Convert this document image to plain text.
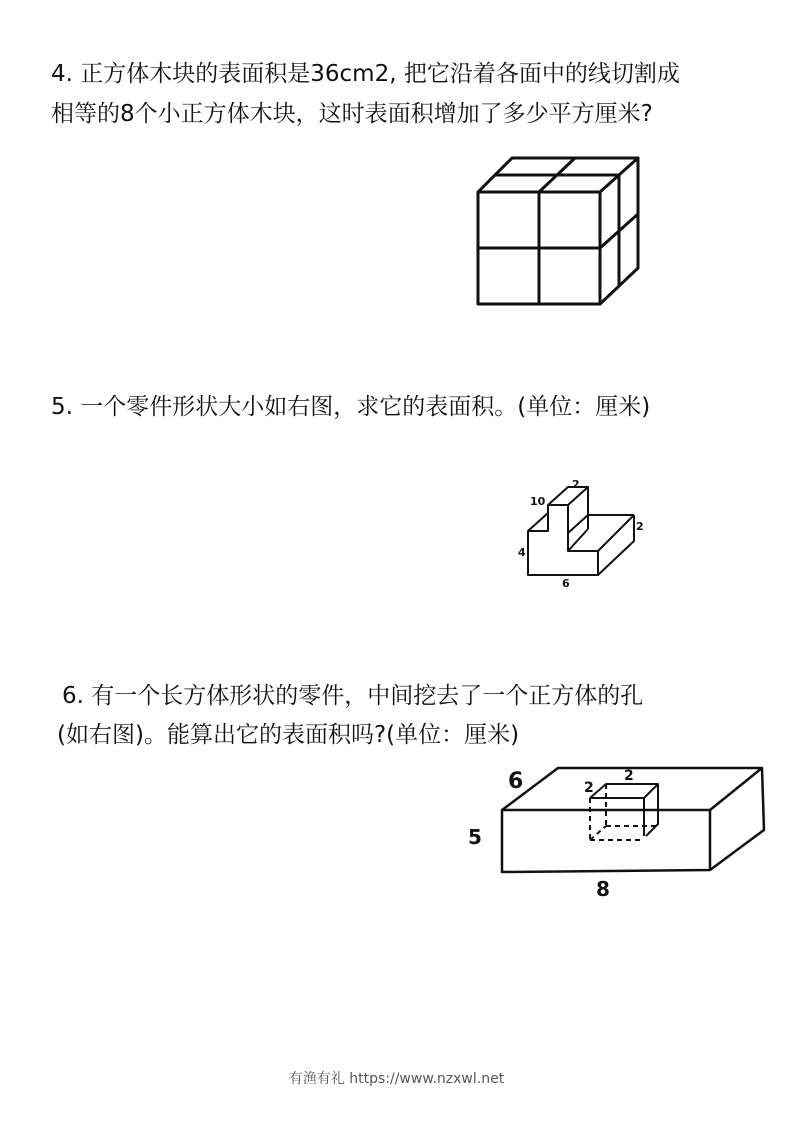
4. 正方体木块的表面积是36cm2, 把它沿着各面中的线切割成

相等的8个小正方体木块，这时表面积增加了多少平方厘米?

5. 一个零件形状大小如右图，求它的表面积。(单位：厘米)

2
10
2
4
6

6. 有一个长方体形状的零件，中间挖去了一个正方体的孔

(如右图)。能算出它的表面积吗?(单位：厘米)

6
5
8
2
2
有渔有礼 https://www.nzxwl.net
